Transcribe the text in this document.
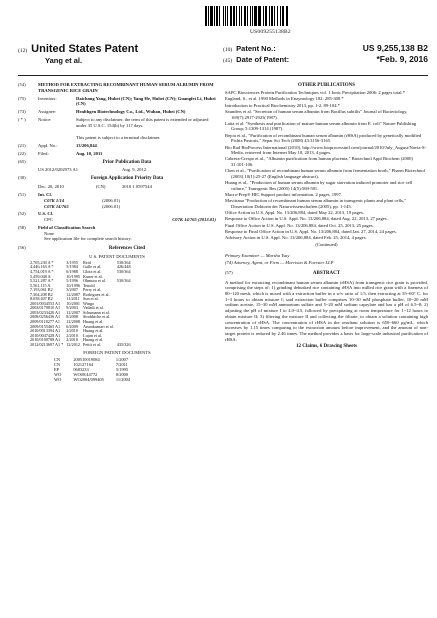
US009255138B2
(12) United States Patent
Yang et al.
(10) Patent No.:	US 9,255,138 B2
(45) Date of Patent:	*Feb. 9, 2016
(54)	METHOD FOR EXTRACTING RECOMBINANT HUMAN SERUM ALBUMIN FROM TRANSGENIC RICE GRAIN
(75)	Inventors:	Daichang Yang, Hubei (CN); Yang He, Hubei (CN); Guangfei Li, Hubei (CN)
(73)	Assignee:	Healthgen Biotechnology Co., Ltd., Wuhan, Hubei (CN)
( * )	Notice:	Subject to any disclaimer, the term of this patent is extended or adjusted under 35 U.S.C. 154(b) by 117 days.

This patent is subject to a terminal disclaimer.
(21)	Appl. No.:	13/206,844
(22)	Filed:	Aug. 10, 2011
(65)	Prior Publication Data
US 2012/0202973 A1	Aug. 9, 2012
(30)	Foreign Application Priority Data
Dec. 20, 2010	(CN)	2010 1 0597544
(51)	Int. Cl.
C07K 1/14	(2006.01)
C07K 14/765	(2006.01)
(52)	U.S. Cl.
CPC	C07K 14/765 (2013.01)
(58)	Field of Classification Search
None
See application file for complete search history.
(56)	References Cited
U.S. PATENT DOCUMENTS
2,705,230 A *	3/1955	Reid	530/364
4,446,163 A *	5/1984	Galle et al.	426/448
4,754,019 A *	6/1988	Glotz et al.	530/364
5,459,048 A	10/1995	Kuner et al.	
5,521,287 A *	5/1996	Ohmura et al.	530/364
5,561,115 A	10/1996	Tenold	
7,193,061 B2	3/2007	Perry et al.	
7,304,208 B2	12/2007	Rodriguez et al.	
8,058,407 B2	11/2011	Sun et al.	
2001/0034553 A1	10/2001	Wingo	
2003/0170810 A1	9/2003	Vedadi et al.	
2003/0233420 A1	12/2007	Schumann et al.	
2008/0256436 A1	8/2008	Strobbiche et al.	
2009/0118277 A1	12/2008	Huang et al.	
2009/0155465 A1	6/2009	Arumkumari et al.	
2010/0013394 A1	2/2010	Huang et al.	
2010/0047428 A1	2/2010	Lujan et al.	
2010/0100708 A1	2/2010	Huang et al.	
2012/0213697 A1 *	12/2012	Pettit et al.	435/326
FOREIGN PATENT DOCUMENTS
CN	200510019084	1/2007
CN	102127164	7/2011
EP	0683233	5/1995
WO	WO00/44772	8/2000
WO	WO2004/099405	11/2004
OTHER PUBLICATIONS

SAPC Biosciences Protein Purification Techniques vol. 1 Ionic Precipitation 2006: 2 pages total.*

England, S., et al. 1990 Methods in Enzymology 182: 285-300.*

Introduction to Practical Biochemistry 2013, pp. 1-2, 89-104.*

Saunders et al. "Secretion of human serum albumin from Bacillus subtilis" Journal of Bacteriology, 169(7):2917-2925(1987).

Latta et al. "Synthesis and purification of mature human serum albumin from E. coli" Nature Publishing Group; 5:1309-1314 (1987).

Bejou et al., "Purification of recombinant human serum albumin (rHSA) produced by genetically modified Pichia Pastoris," Separ Sci Tech (2008) 43:3156-3165.

Bio Rad BioProcess International (2010), http://www.bioprocessintl.com/journal/2010/July_August/Navia-S-Media, retrieved from Internet May 10, 2013, 4 pages.

Cabrera-Crespo et al., "Albumin purification from human placenta," Biotechnol Appl Biochem (2000) 31:101-106.

Chen et al., "Purification of recombinant human serum albumin from fermentation broth," Pharm Biotechnol (2003) 10(1):25-27 (English language abstract).

Huang et al., "Production of human serum albumin by sugar starvation induced promoter and rice cell culture," Transgenic Res (2005) 14(5):569-581.

Macro-Prep® HIC Support product information, 2 pages, 1997.

Mavitrana "Production of recombinant human serum albumin in transgenic plants and plant cells," Dissertation Doktorin der Naturwissenschaften (2005), pp. 1-145.

Office Action in U.S. Appl. No. 13/206,884, dated May 22, 2013, 19 pages.

Response to Office Action in U.S. Appl. No. 13/206,884, dated Aug. 22, 2013, 27 pages.

Final Office Action in U.S. Appl. No. 13/206,884, dated Oct. 25, 2013, 25 pages.

Response to Final Office Action in U.S. Appl. No. 13/206,884, dated Jan. 27, 2014, 24 pages.

Advisory Action in U.S. Appl. No. 13/206,884, dated Feb. 25, 2014, 4 pages.

(Continued)

Primary Examiner — Marsha Tsay

(74) Attorney, Agent, or Firm — Morrison & Foerster LLP

(57)	ABSTRACT
A method for extracting recombinant human serum albumin (rHSA) from transgenic rice grain is provided, comprising the steps of: 1) grinding dehusked rice containing rHSA into milled rice grain with a fineness of 80~120 mesh, which is mixed with a extraction buffer in a w/v ratio of 1:5, then extracting at 55~60° C. for 1~3 hours to obtain mixture I; said extraction buffer comprises 10~30 mM phosphate buffer, 10~20 mM sodium acetate, 15~30 mM ammonium sulfate and 5~20 mM sodium caprylate and has a pH of 6.5~8; 2) adjusting the pH of mixture I to 4.0~4.5, followed by precipitating at room temperature for 1~12 hours to obtain mixture II; 3) filtering the mixture II and collecting the filtrate, to obtain a solution containing high concentration of rHSA. The concentration of rHSA in the resultant solution is 650~660 μg/mL, which increases by 1.15 times comparing to the extraction amount before improvement, and the amount of non-target protein is reduced by 2.46 times. The method provides a basis for large-scale industrial purification of rHSA.
12 Claims, 6 Drawing Sheets
